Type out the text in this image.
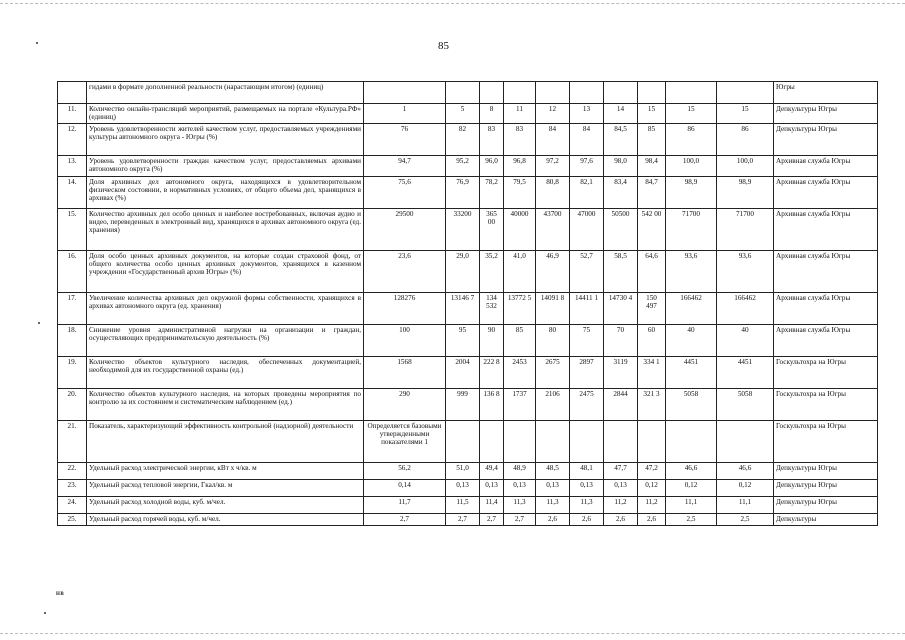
85
	гидами в формате дополненной реальности (нарастающим итогом) (единиц)											Югры
11.	Количество онлайн-трансляций мероприятий, размещаемых на портале «Культура.РФ» (единиц)	1	5	8	11	12	13	14	15	15	15	Депкультуры Югры
12.	Уровень удовлетворенности жителей качеством услуг, предоставляемых учреждениями культуры автономного округа - Югры (%)	76	82	83	83	84	84	84,5	85	86	86	Депкультуры Югры
13.	Уровень удовлетворенности граждан качеством услуг, предоставляемых архивами автономного округа (%)	94,7	95,2	96,0	96,8	97,2	97,6	98,0	98,4	100,0	100,0	Архивная служба Югры
14.	Доля архивных дел автономного округа, находящихся в удовлетворительном физическом состоянии, в нормативных условиях, от общего объема дел, хранящихся в архивах (%)	75,6	76,9	78,2	79,5	80,8	82,1	83,4	84,7	98,9	98,9	Архивная служба Югры
15.	Количество архивных дел особо ценных и наиболее востребованных, включая аудио и видео, переведенных в электронный вид, хранящихся в архивах автономного округа (ед. хранения)	29500	33200	365 00	40000	43700	47000	50500	542 00	71700	71700	Архивная служба Югры
16.	Доля особо ценных архивных документов, на которые создан страховой фонд, от общего количества особо ценных архивных документов, хранящихся в казенном учреждении «Государственный архив Югры» (%)	23,6	29,0	35,2	41,0	46,9	52,7	58,5	64,6	93,6	93,6	Архивная служба Югры
17.	Увеличение количества архивных дел окружной формы собственности, хранящихся в архивах автономного округа (ед. хранения)	128276	13146 7	134 532	13772 5	14091 8	14411 1	14730 4	150 497	166462	166462	Архивная служба Югры
18.	Снижение уровня административной нагрузки на организации и граждан, осуществляющих предпринимательскую деятельность (%)	100	95	90	85	80	75	70	60	40	40	Архивная служба Югры
19.	Количество объектов культурного наследия, обеспеченных документацией, необходимой для их государственной охраны (ед.)	1568	2004	222 8	2453	2675	2897	3119	334 1	4451	4451	Госкультохра на Югры
20.	Количество объектов культурного наследия, на которых проведены мероприятия по контролю за их состоянием и систематическим наблюдением (ед.)	290	999	136 8	1737	2106	2475	2844	321 3	5058	5058	Госкультохра на Югры
21.	Показатель, характеризующий эффективность контрольной (надзорной) деятельности	Определяется базовыми утвержденными показателями 1										Госкультохра на Югры
22.	Удельный расход электрической энергии, кВт х ч/кв. м	56,2	51,0	49,4	48,9	48,5	48,1	47,7	47,2	46,6	46,6	Депкультуры Югры
23.	Удельный расход тепловой энергии, Гкал/кв. м	0,14	0,13	0,13	0,13	0,13	0,13	0,13	0,12	0,12	0,12	Депкультуры Югры
24.	Удельный расход холодной воды, куб. м/чел.	11,7	11,5	11,4	11,3	11,3	11,3	11,2	11,2	11,1	11,1	Депкультуры Югры
25.	Удельный расход горячей воды, куб. м/чел.	2,7	2,7	2,7	2,7	2,6	2,6	2,6	2,6	2,5	2,5	Депкультуры
HB
